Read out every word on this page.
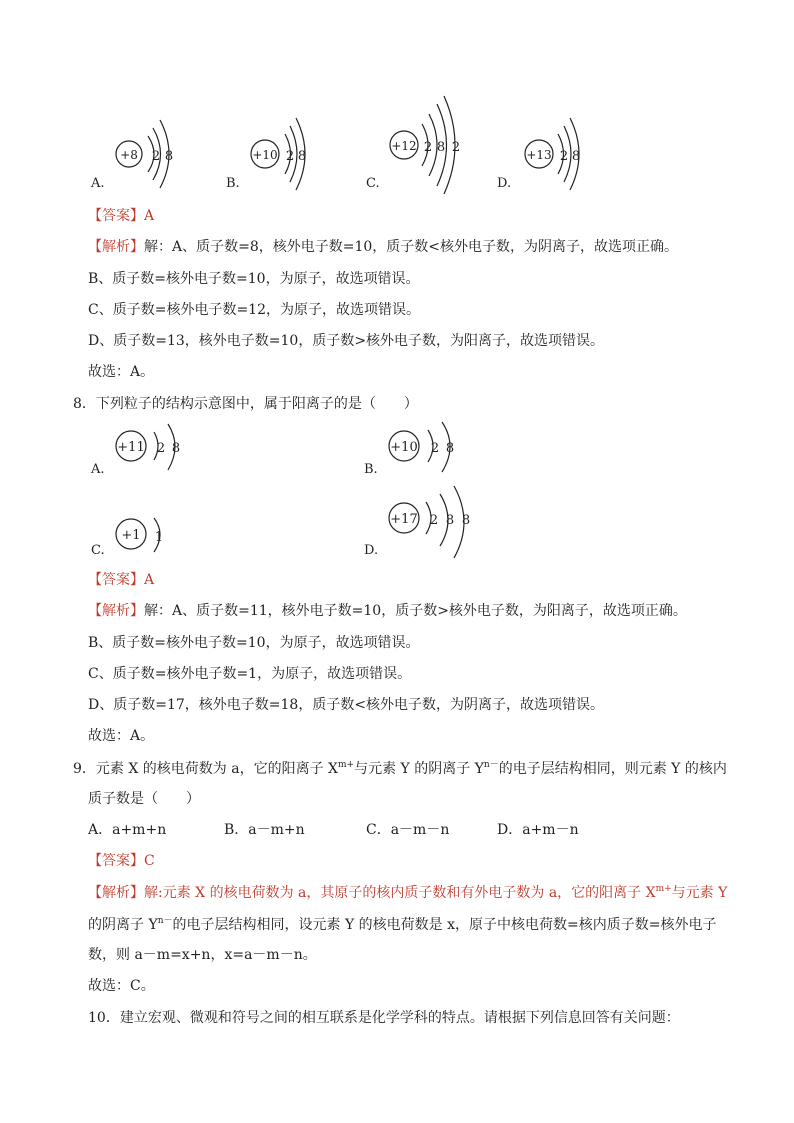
+8 2 8	+10 2 8
+12 2 8 2	+13 2 8
A.	B.	C.	D.
【答案】A
【解析】解：A、质子数=8，核外电子数=10，质子数<核外电子数，为阴离子，故选项正确。
B、质子数=核外电子数=10，为原子，故选项错误。
C、质子数=核外电子数=12，为原子，故选项错误。
D、质子数=13，核外电子数=10，质子数>核外电子数，为阳离子，故选项错误。
故选：A。
8．下列粒子的结构示意图中，属于阳离子的是（　　）
+11 2 8	+10 2 8
+1 1
+17 2 8 8
A.	B.
C.	D.
【答案】A
【解析】解：A、质子数=11，核外电子数=10，质子数>核外电子数，为阳离子，故选项正确。
B、质子数=核外电子数=10，为原子，故选项错误。
C、质子数=核外电子数=1，为原子，故选项错误。
D、质子数=17，核外电子数=18，质子数<核外电子数，为阴离子，故选项错误。
故选：A。
9．元素 X 的核电荷数为 a，它的阳离子 $X^{m+}$与元素 Y 的阴离子 $Y^{n-}$的电子层结构相同，则元素 Y 的核内
质子数是（　　）
A．a+m+n	B．a－m+n	C．a－m－n	D．a+m－n
【答案】C
【解析】解:元素 X 的核电荷数为 a，其原子的核内质子数和有外电子数为 a，它的阳离子 $X^{m+}$与元素 Y
的阴离子 $Y^{n-}$的电子层结构相同，设元素 Y 的核电荷数是 x，原子中核电荷数=核内质子数=核外电子
数，则 a－m=x+n，x=a－m－n。
故选：C。
10．建立宏观、微观和符号之间的相互联系是化学学科的特点。请根据下列信息回答有关问题：
